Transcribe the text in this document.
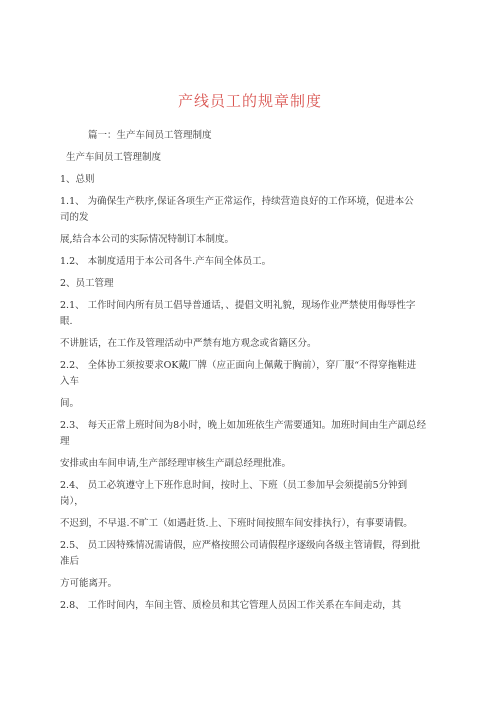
产线员工的规章制度
篇一：生产车间员工管理制度
生产车间员工管理制度
1、总则
1.1、 为确保生产秩序,保证各项生产正常运作，持续营造良好的工作环境，促进本公
司的发
展,结合本公司的实际情况特制订本制度。
1.2、 本制度适用于本公司各牛.产车间全体员工。
2、员工管理
2.1、 工作时间内所有员工倡导普通话，、提倡文明礼貌，现场作业严禁使用侮辱性字
眼.
不讲脏话，在工作及管理活动中严禁有地方观念或省籍区分。
2.2、 全体协工须按要求OK戴厂牌（应正面向上佩戴于胸前），穿厂服“不得穿拖鞋进
入车
间。
2.3、 每天正常上班时间为8小时，晚上如加班依生产需要通知。加班时间由生产副总经
理
安排或由车间申请,生产部经理审核生产副总经理批准。
2.4、 员工必筑遵守上下班作息时间，按时上、下班（员工参加早会须提前5分钟到
岗），
不迟到，不早退.不旷工（如遇赶货.上、下班时间按照车间安排执行），有事要请假。
2.5、 员工因特殊情况需请假，应严格按照公司请假程序逐级向各级主管请假，得到批
准后
方可能离开。
2.8、 工作时间内，车间主管、质检员和其它管理人员因工作关系在车间走动，其
